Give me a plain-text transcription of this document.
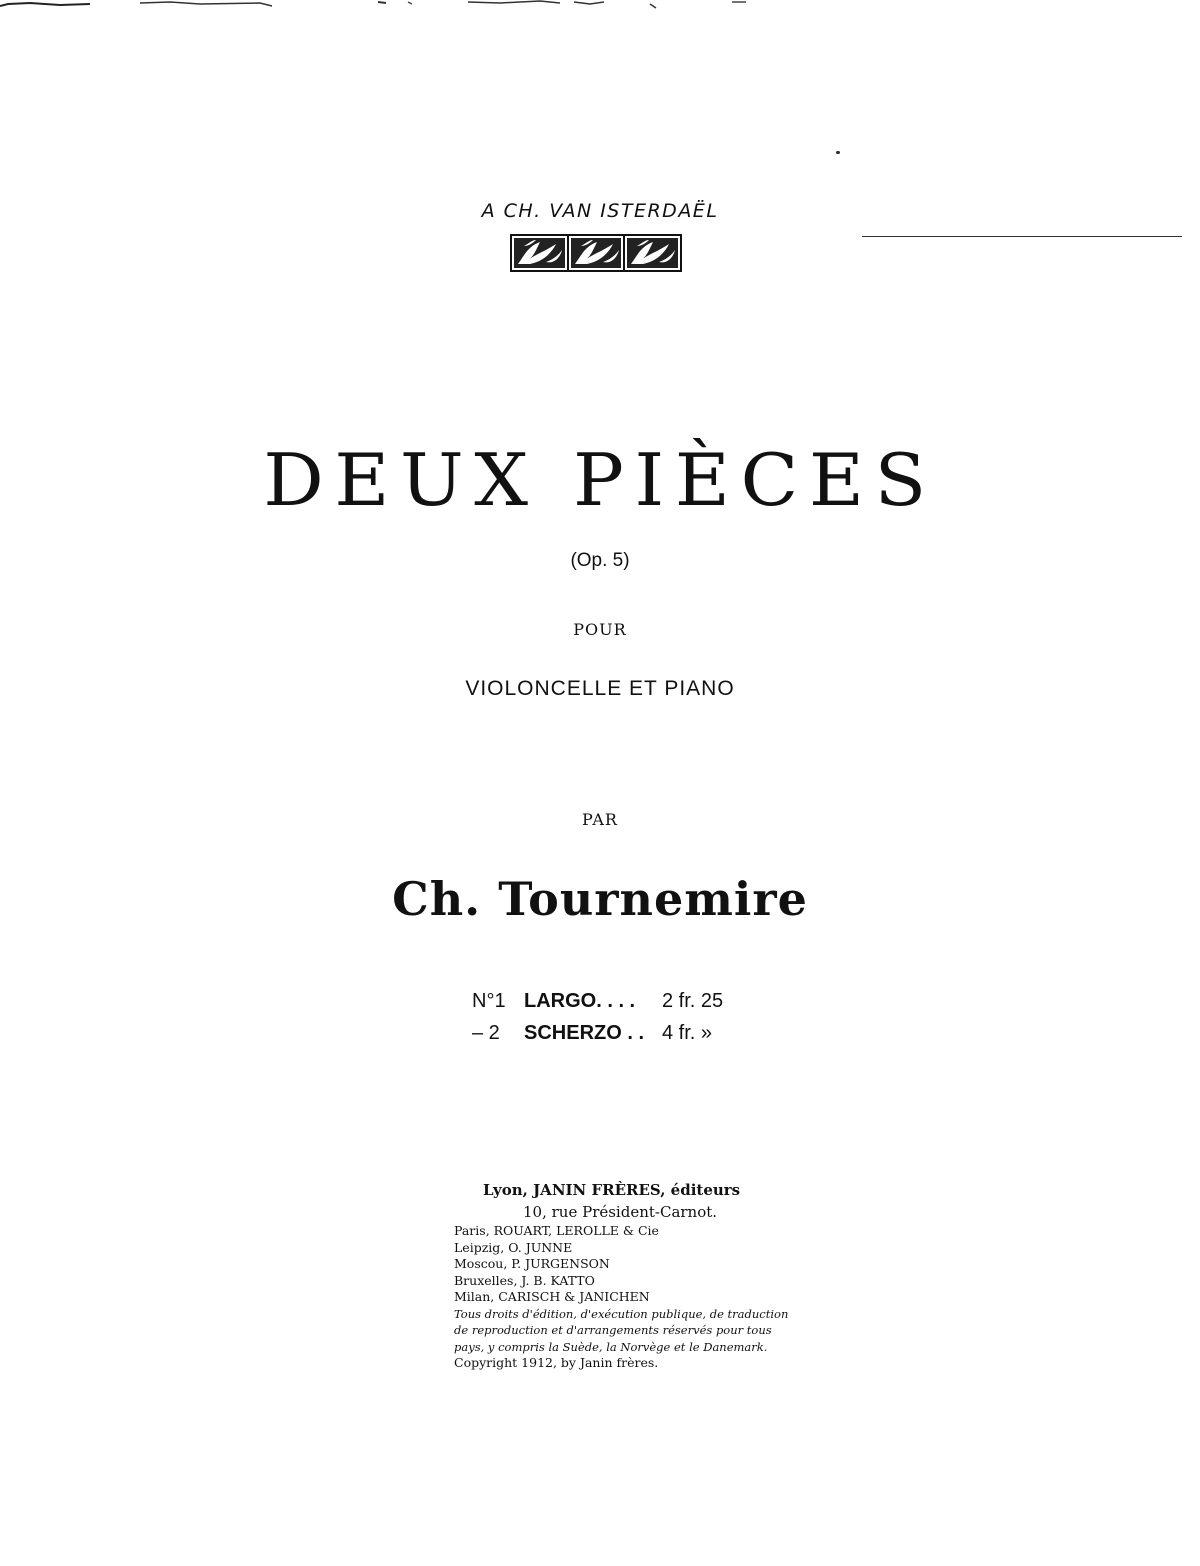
A CH. VAN ISTERDAËL
DEUX PIÈCES
(Op. 5)
POUR
VIOLONCELLE ET PIANO
PAR
Ch. Tournemire
N°1 LARGO. . . . 2 fr. 25
– 2 SCHERZO . . 4 fr. »
Lyon, JANIN FRÈRES, éditeurs
10, rue Président-Carnot.
Paris, ROUART, LEROLLE & Cie
Leipzig, O. JUNNE
Moscou, P. JURGENSON
Bruxelles, J. B. KATTO
Milan, CARISCH & JANICHEN
Tous droits d'édition, d'exécution publique, de traduction
de reproduction et d'arrangements réservés pour tous
pays, y compris la Suède, la Norvège et le Danemark.
Copyright 1912, by Janin frères.
